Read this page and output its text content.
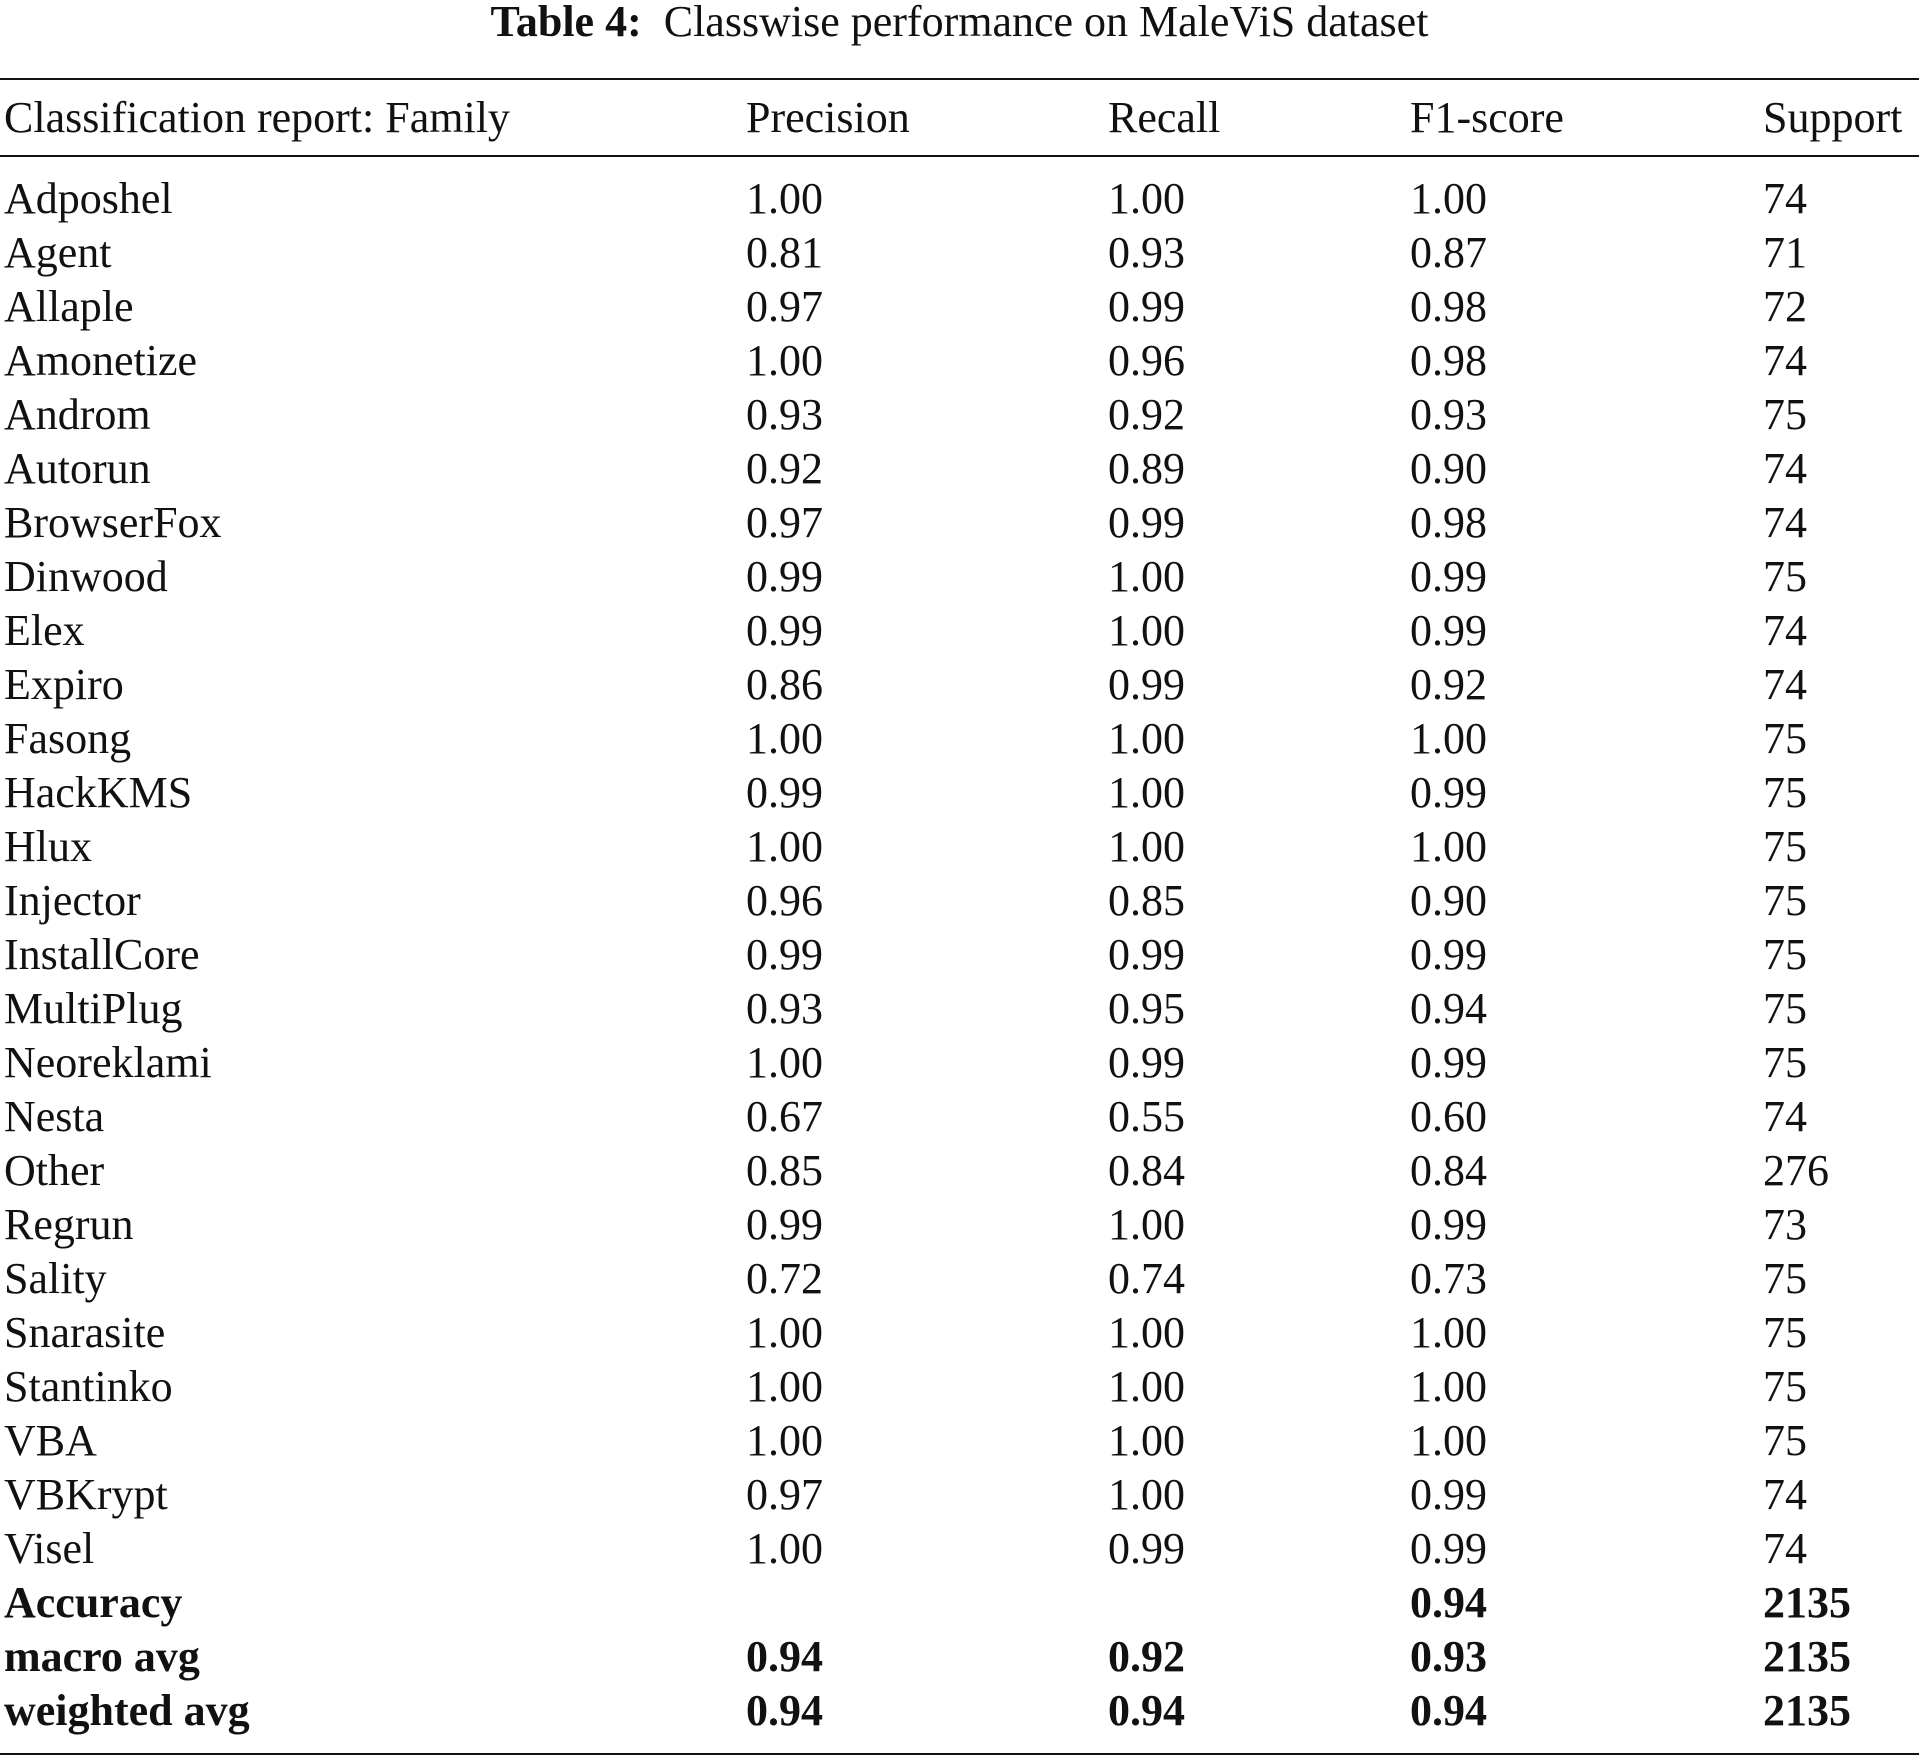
Table 4: Classwise performance on MaleViS dataset
Classification report: Family	Precision	Recall	F1-score	Support
Adposhel	1.00	1.00	1.00	74
Agent	0.81	0.93	0.87	71
Allaple	0.97	0.99	0.98	72
Amonetize	1.00	0.96	0.98	74
Androm	0.93	0.92	0.93	75
Autorun	0.92	0.89	0.90	74
BrowserFox	0.97	0.99	0.98	74
Dinwood	0.99	1.00	0.99	75
Elex	0.99	1.00	0.99	74
Expiro	0.86	0.99	0.92	74
Fasong	1.00	1.00	1.00	75
HackKMS	0.99	1.00	0.99	75
Hlux	1.00	1.00	1.00	75
Injector	0.96	0.85	0.90	75
InstallCore	0.99	0.99	0.99	75
MultiPlug	0.93	0.95	0.94	75
Neoreklami	1.00	0.99	0.99	75
Nesta	0.67	0.55	0.60	74
Other	0.85	0.84	0.84	276
Regrun	0.99	1.00	0.99	73
Sality	0.72	0.74	0.73	75
Snarasite	1.00	1.00	1.00	75
Stantinko	1.00	1.00	1.00	75
VBA	1.00	1.00	1.00	75
VBKrypt	0.97	1.00	0.99	74
Visel	1.00	0.99	0.99	74
Accuracy			0.94	2135
macro avg	0.94	0.92	0.93	2135
weighted avg	0.94	0.94	0.94	2135
